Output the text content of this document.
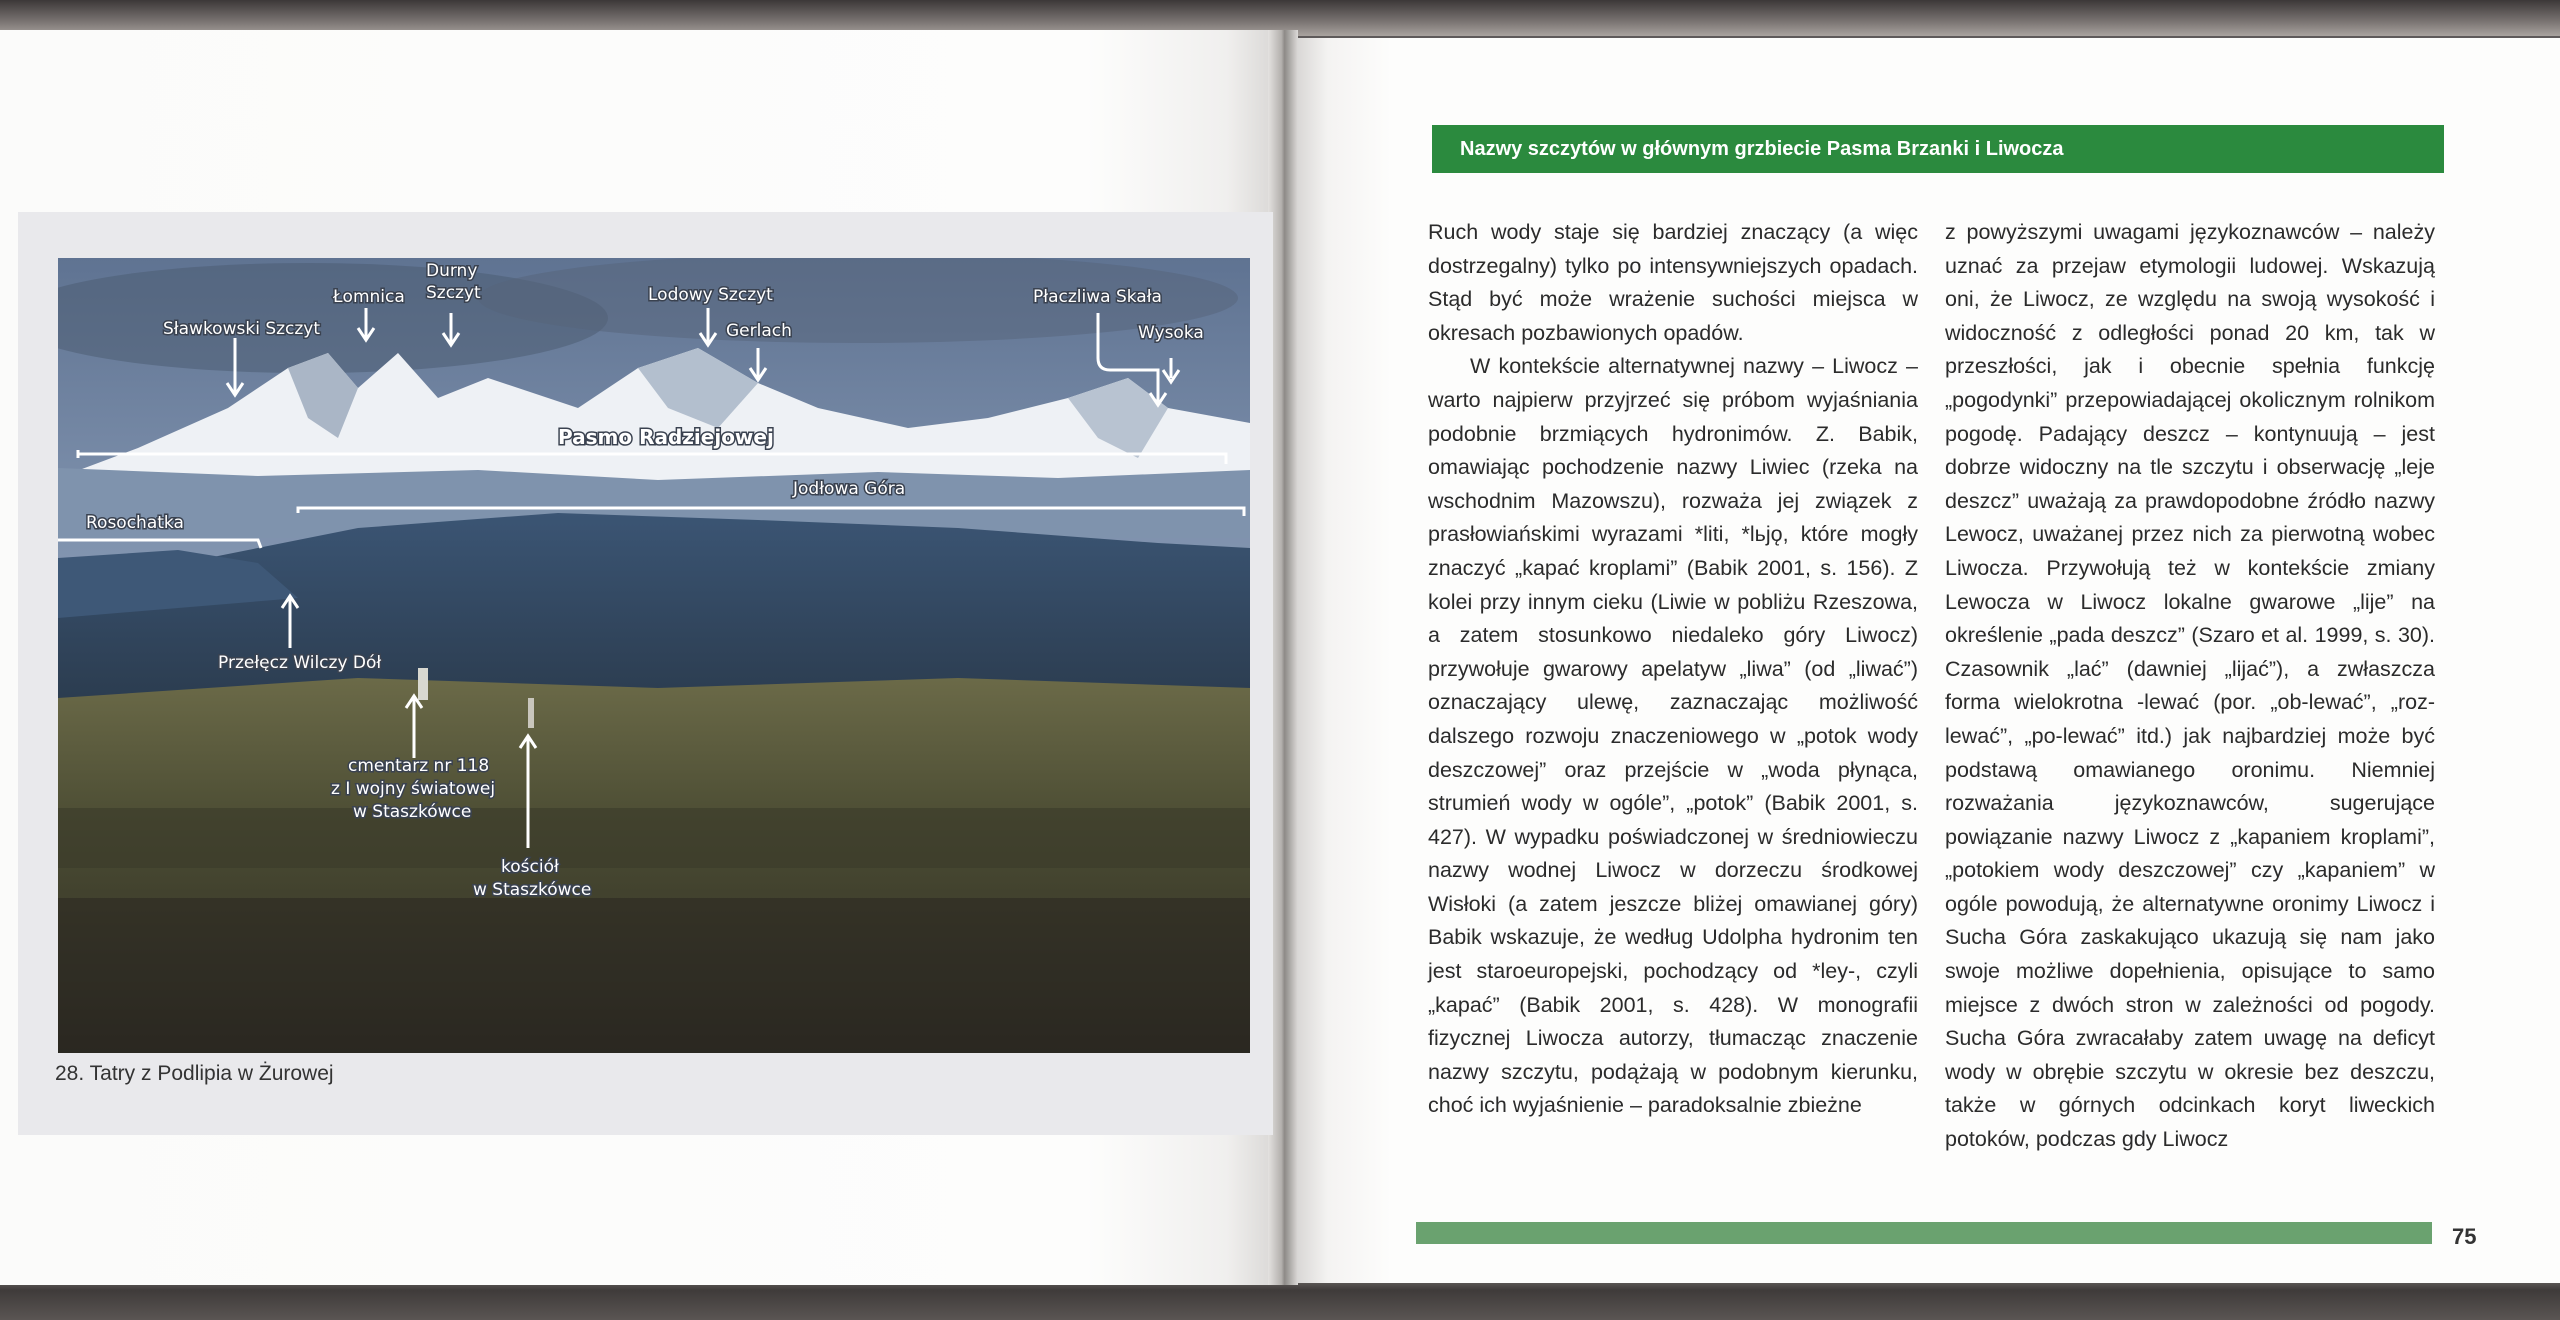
Sławkowski Szczyt
Łomnica
Durny
Szczyt	Lodowy Szczyt
Gerlach
Płaczliwa Skała
Wysoka
Pasmo Radziejowej
Jodłowa Góra
Rosochatka
Przełęcz Wilczy Dół
cmentarz nr 118
z I wojny światowej
w Staszkówce
kościół
w Staszkówce
28. Tatry z Podlipia w Żurowej
Nazwy szczytów w głównym grzbiecie Pasma Brzanki i Liwocza

Ruch wody staje się bardziej znaczący (a więc dostrzegalny) tylko po intensywniejszych opadach. Stąd być może wrażenie suchości miejsca w okresach pozbawionych opadów.

W kontekście alternatywnej nazwy – Liwocz – warto najpierw przyjrzeć się próbom wyjaśniania podobnie brzmiących hydronimów. Z. Babik, omawiając pochodzenie nazwy Liwiec (rzeka na wschodnim Mazowszu), rozważa jej związek z prasłowiańskimi wyrazami *liti, *lьjǫ, które mogły znaczyć „kapać kroplami” (Babik 2001, s. 156). Z kolei przy innym cieku (Liwie w pobliżu Rzeszowa, a zatem stosunkowo niedaleko góry Liwocz) przywołuje gwarowy apelatyw „liwa” (od „liwać”) oznaczający ulewę, zaznaczając możliwość dalszego rozwoju znaczeniowego w „potok wody deszczowej” oraz przejście w „woda płynąca, strumień wody w ogóle”, „potok” (Babik 2001, s. 427). W wypadku poświadczonej w średniowieczu nazwy wodnej Liwocz w dorzeczu środkowej Wisłoki (a zatem jeszcze bliżej omawianej góry) Babik wskazuje, że według Udolpha hydronim ten jest staroeuropejski, pochodzący od *ley-, czyli „kapać” (Babik 2001, s. 428). W monografii fizycznej Liwocza autorzy, tłumacząc znaczenie nazwy szczytu, podążają w podobnym kierunku, choć ich wyjaśnienie – paradoksalnie zbieżne

z powyższymi uwagami językoznawców – należy uznać za przejaw etymologii ludowej. Wskazują oni, że Liwocz, ze względu na swoją wysokość i widoczność z odległości ponad 20 km, tak w przeszłości, jak i obecnie spełnia funkcję „pogodynki” przepowiadającej okolicznym rolnikom pogodę. Padający deszcz – kontynuują – jest dobrze widoczny na tle szczytu i obserwację „leje deszcz” uważają za prawdopodobne źródło nazwy Lewocz, uważanej przez nich za pierwotną wobec Liwocza. Przywołują też w kontekście zmiany Lewocza w Liwocz lokalne gwarowe „lije” na określenie „pada deszcz” (Szaro et al. 1999, s. 30). Czasownik „lać” (dawniej „lijać”), a zwłaszcza forma wielokrotna -lewać (por. „ob-lewać”, „roz-lewać”, „po-lewać” itd.) jak najbardziej może być podstawą omawianego oronimu. Niemniej rozważania językoznawców, sugerujące powiązanie nazwy Liwocz z „kapaniem kroplami”, „potokiem wody deszczowej” czy „kapaniem” w ogóle powodują, że alternatywne oronimy Liwocz i Sucha Góra zaskakująco ukazują się nam jako swoje możliwe dopełnienia, opisujące to samo miejsce z dwóch stron w zależności od pogody. Sucha Góra zwracałaby zatem uwagę na deficyt wody w obrębie szczytu w okresie bez deszczu, także w górnych odcinkach koryt liweckich potoków, podczas gdy Liwocz

75
